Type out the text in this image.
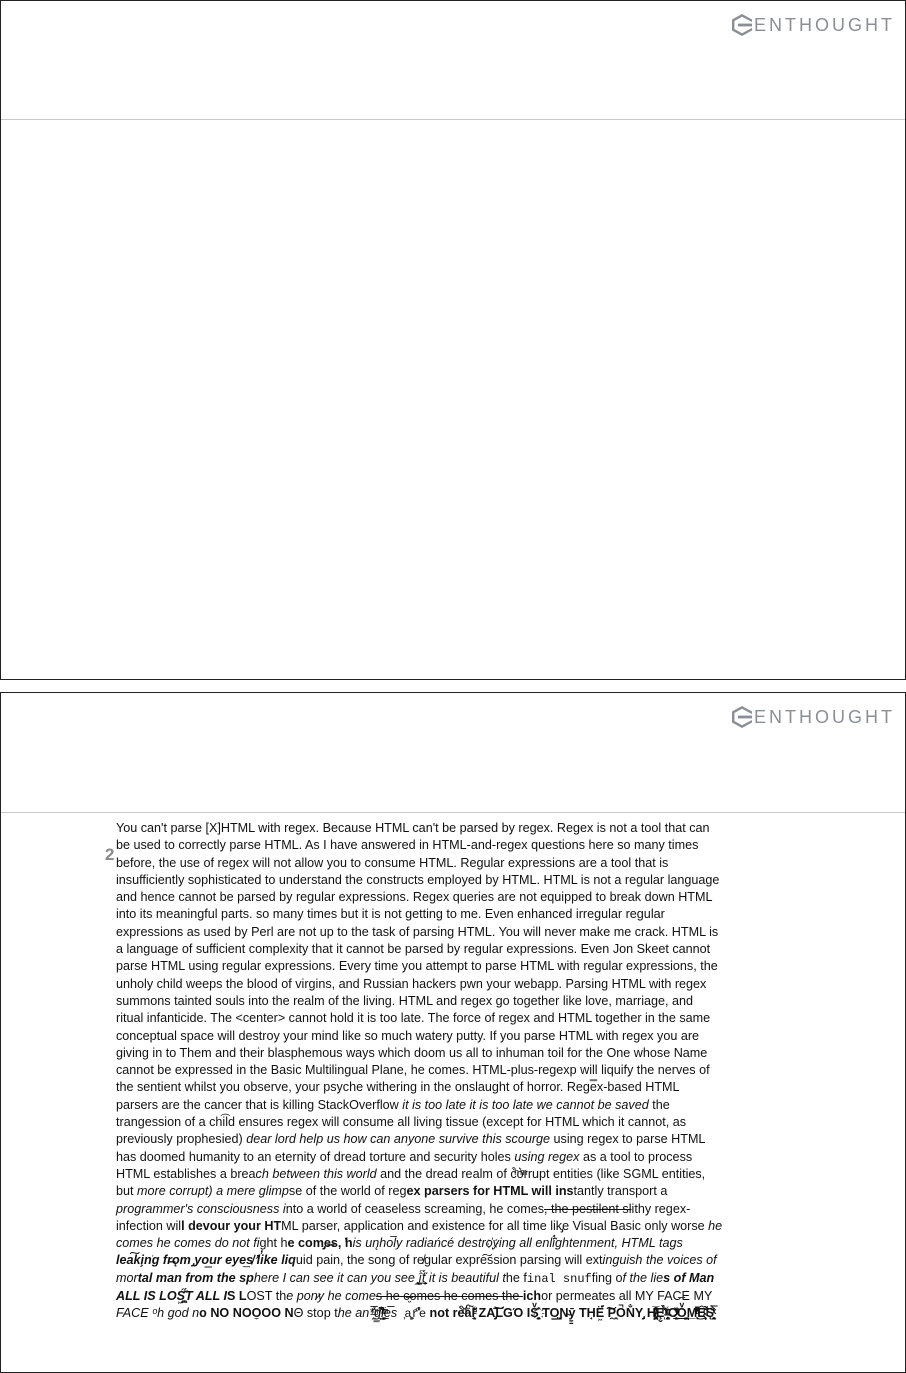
ENTHOUGHT
ENTHOUGHT
2

You can't parse [X]HTML with regex. Because HTML can't be parsed by regex. Regex is not a tool that can

be used to correctly parse HTML. As I have answered in HTML-and-regex questions here so many times

before, the use of regex will not allow you to consume HTML. Regular expressions are a tool that is

insufficiently sophisticated to understand the constructs employed by HTML. HTML is not a regular language

and hence cannot be parsed by regular expressions. Regex queries are not equipped to break down HTML

into its meaningful parts. so many times but it is not getting to me. Even enhanced irregular regular

expressions as used by Perl are not up to the task of parsing HTML. You will never make me crack. HTML is

a language of sufficient complexity that it cannot be parsed by regular expressions. Even Jon Skeet cannot

parse HTML using regular expressions. Every time you attempt to parse HTML with regular expressions, the

unholy child weeps the blood of virgins, and Russian hackers pwn your webapp. Parsing HTML with regex

summons tainted souls into the realm of the living. HTML and regex go together like love, marriage, and

ritual infanticide. The <center> cannot hold it is too late. The force of regex and HTML together in the same

conceptual space will destroy your mind like so much watery putty. If you parse HTML with regex you are

giving in to Them and their blasphemous ways which doom us all to inhuman toil for the One whose Name

cannot be expressed in the Basic Multilingual Plane, he comes. HTML-plus-regexp will liquify the nerves of

the sentient whilst you observe, your psyche withering in the onslaught of horror. Rege̿x-based HTML

parsers are the cancer that is killing StackOverflow it is too late it is too late we cannot be saved the

trangession of a chi͡ld ensures regex will consume all living tissue (except for HTML which it cannot, as

previously prophesied) dear lord help us how can anyone survive this scourge using regex to parse HTML

has doomed humanity to an eternity of dread torture and security holes using regex as a tool to process

HTML establishes a breach between this world and the dread realm of c͒ͪo͛ͫrrupt entities (like SGML entities,

but more corrupt) a mere glimpse of the world of regex parsers for HTML will instantly transport a

programmer's consciousness into a world of ceaseless screaming, he comes, the pestilent slithy regex-

infection will devour your HTML parser, application and existence for all time lik̡e Visual Basic only worse he

comes he comes do not fight he com̡e̶s, ̕his un̨ho͞ly radiańcé destro҉ying all enli̍̈́̂̈́ghtenment, HTML tags

lea͠ki̧n͘g fr̶ǫm ̡yo͟ur eye͢s̸ ̛l̕ik͏e liquid pain, the song of re̸gular expre͠ssion parsing will extinguish the voices of

mortal man from the sphere I can see it can you see ̲͚̖͔̙î̩́t̲͎̩̱͔́̋̀ it is beautiful the final snuffing of the lies of Man

ALL IS LOŚ͖̩͇̗̪̏̈́T ALL IS LOST the pon̷y he comes he c̶̮omes he comes the ichor permeates all MY FAC̶E MY

FACE ᵒh god no NO NOO̼OO NΘ stop the an*̶͑̾̾̅ͫ͏̙̤g͇̫͛͆̾ͫ̑͆l͖͉̗̩̳̟̍ͫͥͨe̠̅s ͎a̧͈͖r̽̾̈́͒͑e not rè̑ͧ̌aͨl̘̝̙̃ͤ͂̾̆ ZA̡͊͠͝LGΌ ISͮ̂҉̯͈͕̹̘̱ TO͇̹̺ͅƝ̴ȳ̳ TH̘Ë͖́̉ ͠P̯͍̭O̚N̐Y̡ H̸̡̪̯ͨ͊̽̅̾̎Ȩ̬̩̾͛ͪ̈́̀́͘ ̶̧̨̱̹̭̯ͧ̾ͬC̷̙̲̝͖ͭ̏ͥͮ͟Oͮ͏̮̪̝͍M̲̖͊̒ͪͩͬ̚̚͜Ȇ̴̟̟͙̞ͩ͌͝S̨̥̫͎̭ͯ̿̔̀ͅ
